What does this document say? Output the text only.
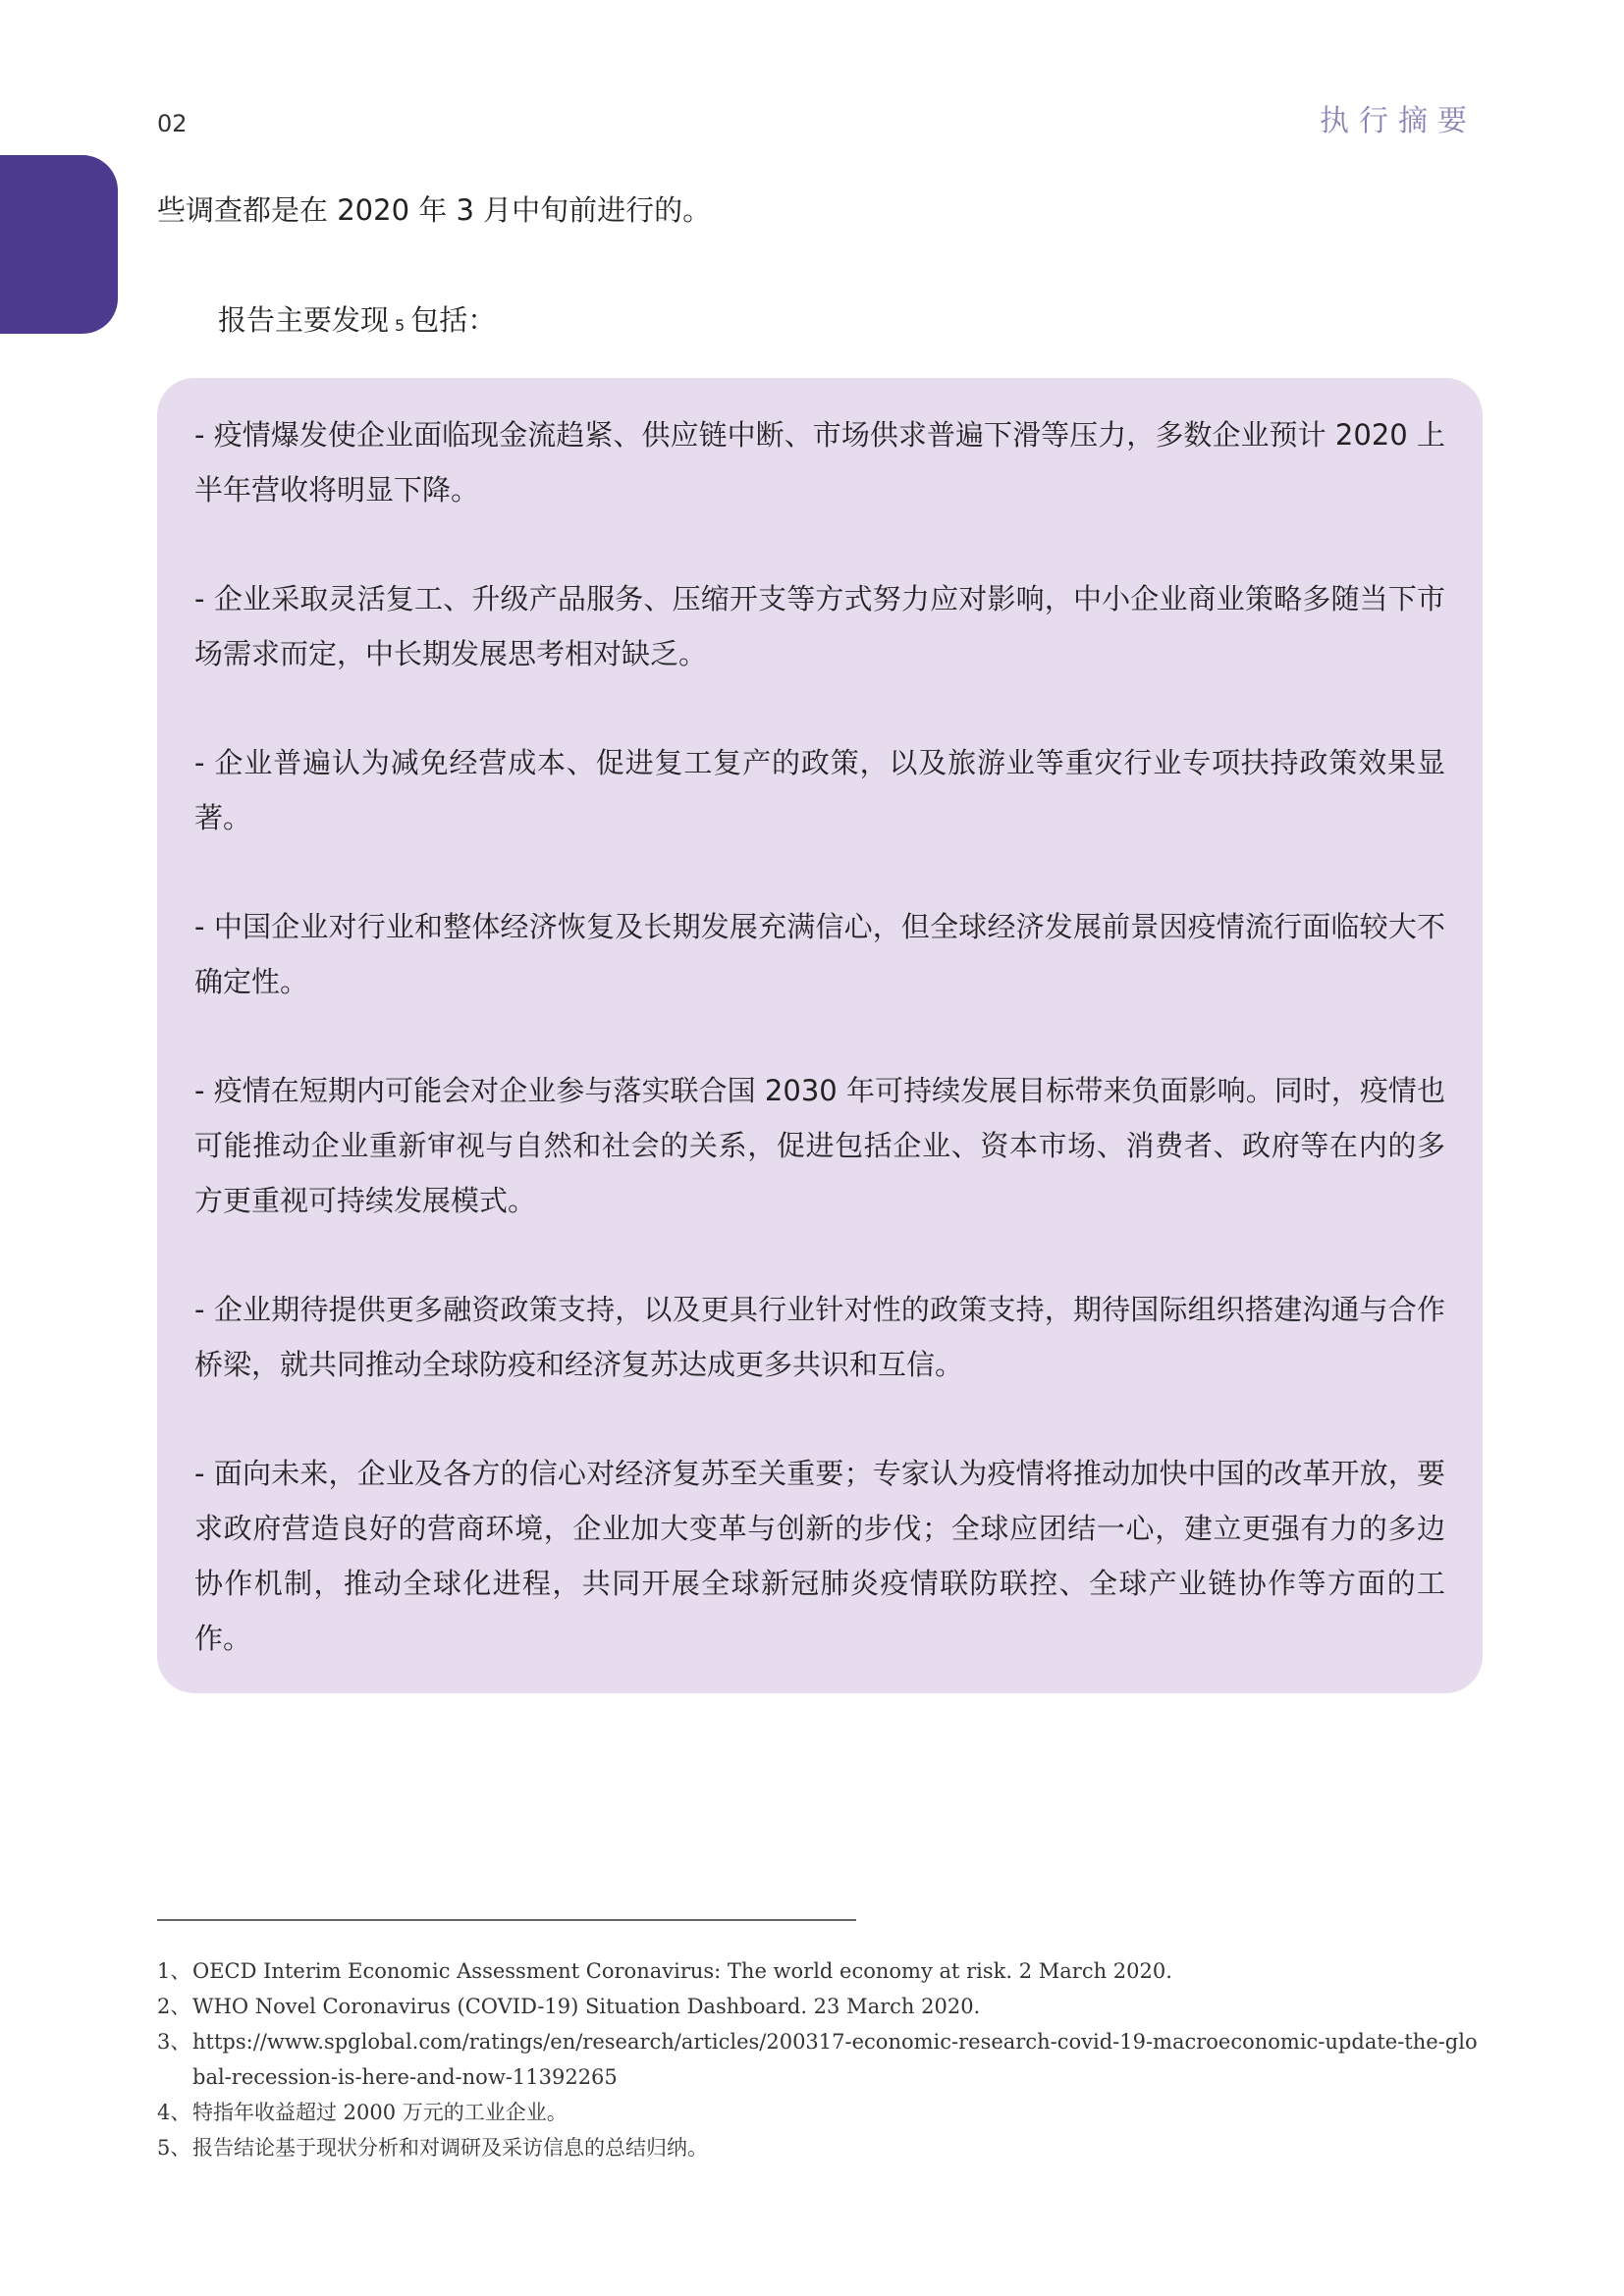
02	执行摘要
些调查都是在 2020 年 3 月中旬前进行的。
报告主要发现 $^5$ 包括：

- 疫情爆发使企业面临现金流趋紧、供应链中断、市场供求普遍下滑等压力，多数企业预计 2020 上半年营收将明显下降。

- 企业采取灵活复工、升级产品服务、压缩开支等方式努力应对影响，中小企业商业策略多随当下市场需求而定，中长期发展思考相对缺乏。

- 企业普遍认为减免经营成本、促进复工复产的政策，以及旅游业等重灾行业专项扶持政策效果显著。

- 中国企业对行业和整体经济恢复及长期发展充满信心，但全球经济发展前景因疫情流行面临较大不确定性。

- 疫情在短期内可能会对企业参与落实联合国 2030 年可持续发展目标带来负面影响。同时，疫情也可能推动企业重新审视与自然和社会的关系，促进包括企业、资本市场、消费者、政府等在内的多方更重视可持续发展模式。

- 企业期待提供更多融资政策支持，以及更具行业针对性的政策支持，期待国际组织搭建沟通与合作桥梁，就共同推动全球防疫和经济复苏达成更多共识和互信。

- 面向未来，企业及各方的信心对经济复苏至关重要；专家认为疫情将推动加快中国的改革开放，要求政府营造良好的营商环境，企业加大变革与创新的步伐；全球应团结一心，建立更强有力的多边协作机制，推动全球化进程，共同开展全球新冠肺炎疫情联防联控、全球产业链协作等方面的工作。

1、 OECD Interim Economic Assessment Coronavirus: The world economy at risk. 2 March 2020.
2、 WHO Novel Coronavirus (COVID-19) Situation Dashboard. 23 March 2020.
3、 https://www.spglobal.com/ratings/en/research/articles/200317-economic-research-covid-19-macroeconomic-update-the-global-recession-is-here-and-now-11392265
4、 特指年收益超过 2000 万元的工业企业。
5、 报告结论基于现状分析和对调研及采访信息的总结归纳。
